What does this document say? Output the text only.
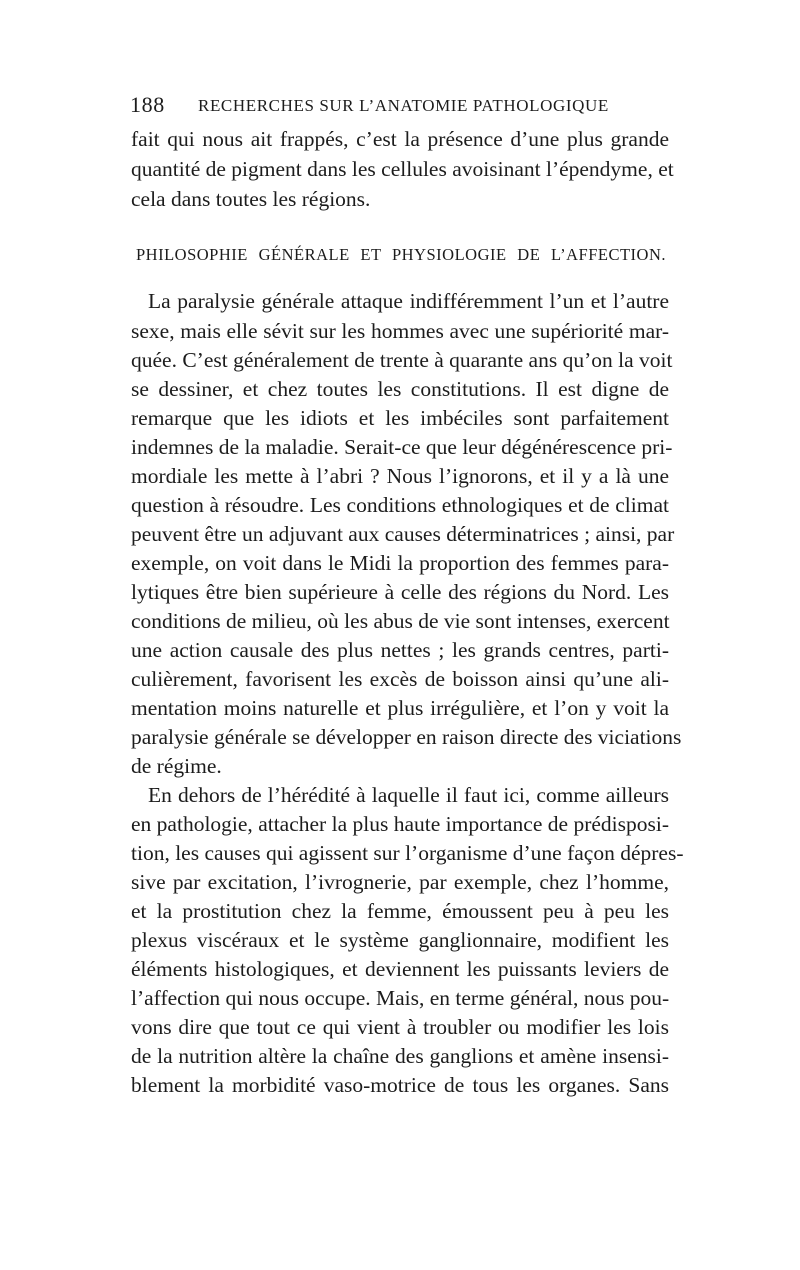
188 RECHERCHES SUR L’ANATOMIE PATHOLOGIQUE
fait qui nous ait frappés, c’est la présence d’une plus grande
quantité de pigment dans les cellules avoisinant l’épendyme, et
cela dans toutes les régions.
PHILOSOPHIE GÉNÉRALE ET PHYSIOLOGIE DE L’AFFECTION.
La paralysie générale attaque indifféremment l’un et l’autre
sexe, mais elle sévit sur les hommes avec une supériorité mar-
quée. C’est généralement de trente à quarante ans qu’on la voit
se dessiner, et chez toutes les constitutions. Il est digne de
remarque que les idiots et les imbéciles sont parfaitement
indemnes de la maladie. Serait-ce que leur dégénérescence pri-
mordiale les mette à l’abri ? Nous l’ignorons, et il y a là une
question à résoudre. Les conditions ethnologiques et de climat
peuvent être un adjuvant aux causes déterminatrices ; ainsi, par
exemple, on voit dans le Midi la proportion des femmes para-
lytiques être bien supérieure à celle des régions du Nord. Les
conditions de milieu, où les abus de vie sont intenses, exercent
une action causale des plus nettes ; les grands centres, parti-
culièrement, favorisent les excès de boisson ainsi qu’une ali-
mentation moins naturelle et plus irrégulière, et l’on y voit la
paralysie générale se développer en raison directe des viciations
de régime.
En dehors de l’hérédité à laquelle il faut ici, comme ailleurs
en pathologie, attacher la plus haute importance de prédisposi-
tion, les causes qui agissent sur l’organisme d’une façon dépres-
sive par excitation, l’ivrognerie, par exemple, chez l’homme,
et la prostitution chez la femme, émoussent peu à peu les
plexus viscéraux et le système ganglionnaire, modifient les
éléments histologiques, et deviennent les puissants leviers de
l’affection qui nous occupe. Mais, en terme général, nous pou-
vons dire que tout ce qui vient à troubler ou modifier les lois
de la nutrition altère la chaîne des ganglions et amène insensi-
blement la morbidité vaso-motrice de tous les organes. Sans
